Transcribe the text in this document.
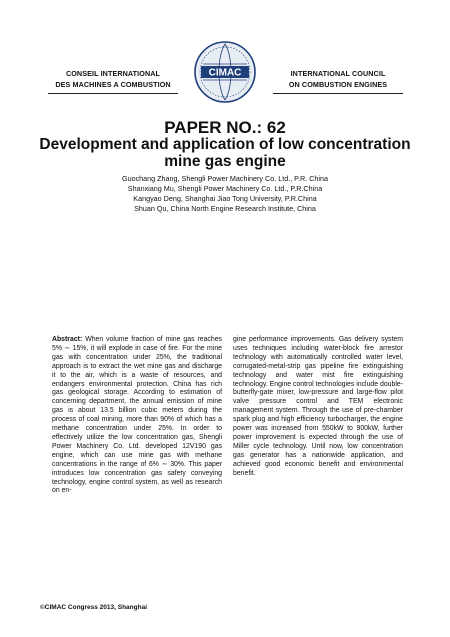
CONSEIL INTERNATIONAL
DES MACHINES A COMBUSTION
CIMAC	INTERNATIONAL COUNCIL
ON COMBUSTION ENGINES
PAPER NO.: 62
Development and application of low concentration
mine gas engine
Guochang Zhang, Shengli Power Machinery Co. Ltd., P.R. China
Shanxiang Mu, Shengli Power Machinery Co. Ltd., P.R.China
Kangyao Deng, Shanghai Jiao Tong University, P.R.China
Shuan Qu, China North Engine Research Institute, China
Abstract: When volume fraction of mine gas reaches 5% ∼ 15%, it will explode in case of fire. For the mine gas with concentration under 25%, the traditional approach is to extract the wet mine gas and discharge it to the air, which is a waste of resources, and endangers environmental protection. China has rich gas geological storage. According to estimation of concerning department, the annual emission of mine gas is about 13.5 billion cubic meters during the process of coal mining, more than 90% of which has a methane concentration under 25%. In order to effectively utilize the low concentration gas, Shengli Power Machinery Co. Ltd. developed 12V190 gas engine, which can use mine gas with methane concentrations in the range of 6% ∼ 30%. This paper introduces low concentration gas safety conveying technology, engine control system, as well as research on en-
gine performance improvements. Gas delivery system uses techniques including water-block fire arrestor technology with automatically controlled water level, corrugated-metal-strip gas pipeline fire extinguishing technology and water mist fire extinguishing technology. Engine control technologies include double-butterfly-gate mixer, low-pressure and large-flow pilot valve pressure control and TEM electronic management system. Through the use of pre-chamber spark plug and high efficiency turbocharger, the engine power was increased from 550kW to 900kW, further power improvement is expected through the use of Miller cycle technology. Until now, low concentration gas generator has a nationwide application, and achieved good economic benefit and environmental benefit.
©CIMAC Congress 2013, Shanghai
